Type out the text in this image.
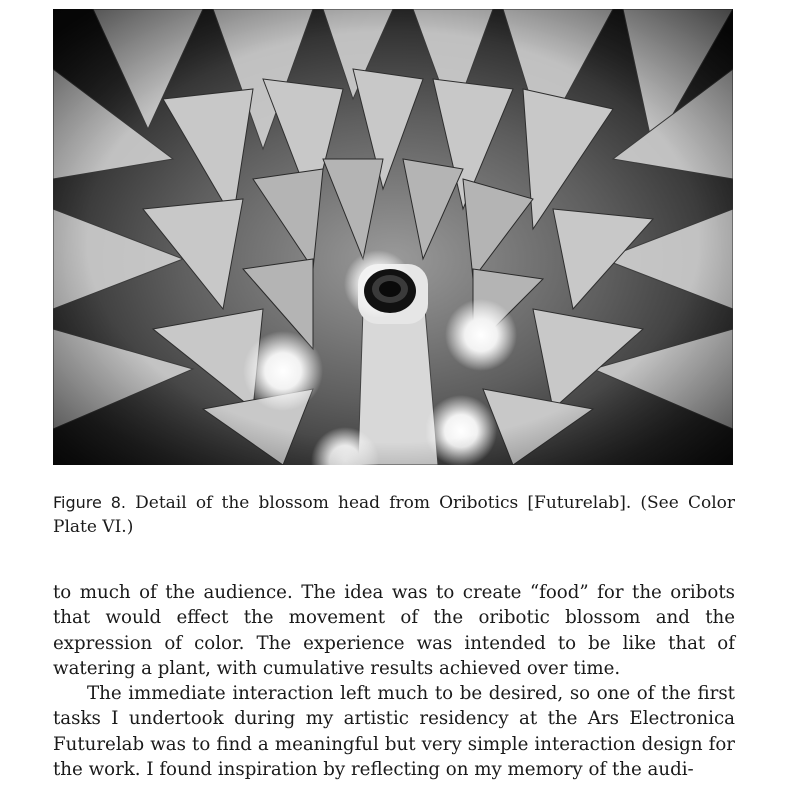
Figure 8. Detail of the blossom head from Oribotics [Futurelab]. (See Color Plate VI.)

to much of the audience. The idea was to create “food” for the oribots that would effect the movement of the oribotic blossom and the expression of color. The experience was intended to be like that of watering a plant, with cumulative results achieved over time.

The immediate interaction left much to be desired, so one of the first tasks I undertook during my artistic residency at the Ars Electronica Futurelab was to find a meaningful but very simple interaction design for the work. I found inspiration by reflecting on my memory of the audi-
